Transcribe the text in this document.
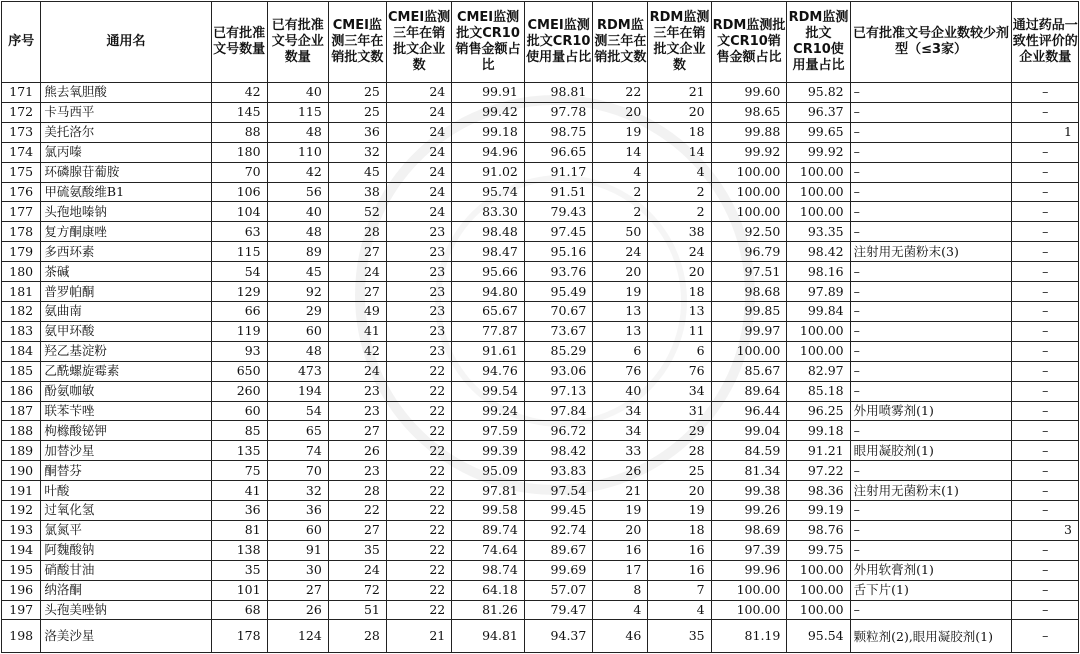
序号	通用名	已有批准文号数量	已有批准文号企业数量	CMEI监测三年在销批文数	CMEI监测三年在销批文企业数	CMEI监测批文CR10销售金额占比	CMEI监测批文CR10使用量占比	RDM监测三年在销批文数	RDM监测三年在销批文企业数	RDM监测批文CR10销售金额占比	RDM监测批文CR10使用量占比	已有批准文号企业数较少剂型（≤3家）	通过药品一致性评价的企业数量
171	熊去氧胆酸	42	40	25	24	99.91	98.81	22	21	99.60	95.82	–	–
172	卡马西平	145	115	25	24	99.42	97.78	20	20	98.65	96.37	–	–
173	美托洛尔	88	48	36	24	99.18	98.75	19	18	99.88	99.65	–	1
174	氯丙嗪	180	110	32	24	94.96	96.65	14	14	99.92	99.92	–	–
175	环磷腺苷葡胺	70	42	45	24	91.02	91.17	4	4	100.00	100.00	–	–
176	甲硫氨酸维B1	106	56	38	24	95.74	91.51	2	2	100.00	100.00	–	–
177	头孢地嗪钠	104	40	52	24	83.30	79.43	2	2	100.00	100.00	–	–
178	复方酮康唑	63	48	28	23	98.48	97.45	50	38	92.50	93.35	–	–
179	多西环素	115	89	27	23	98.47	95.16	24	24	96.79	98.42	注射用无菌粉末(3)	–
180	茶碱	54	45	24	23	95.66	93.76	20	20	97.51	98.16	–	–
181	普罗帕酮	129	92	27	23	94.80	95.49	19	18	98.68	97.89	–	–
182	氨曲南	66	29	49	23	65.67	70.67	13	13	99.85	99.84	–	–
183	氨甲环酸	119	60	41	23	77.87	73.67	13	11	99.97	100.00	–	–
184	羟乙基淀粉	93	48	42	23	91.61	85.29	6	6	100.00	100.00	–	–
185	乙酰螺旋霉素	650	473	24	22	94.76	93.06	76	76	85.67	82.97	–	–
186	酚氨咖敏	260	194	23	22	99.54	97.13	40	34	89.64	85.18	–	–
187	联苯苄唑	60	54	23	22	99.24	97.84	34	31	96.44	96.25	外用喷雾剂(1)	–
188	枸橼酸铋钾	85	65	27	22	97.59	96.72	34	29	99.04	99.18	–	–
189	加替沙星	135	74	26	22	99.39	98.42	33	28	84.59	91.21	眼用凝胶剂(1)	–
190	酮替芬	75	70	23	22	95.09	93.83	26	25	81.34	97.22	–	–
191	叶酸	41	32	28	22	97.81	97.54	21	20	99.38	98.36	注射用无菌粉末(1)	–
192	过氧化氢	36	36	22	22	99.58	99.45	19	19	99.26	99.19	–	–
193	氯氮平	81	60	27	22	89.74	92.74	20	18	98.69	98.76	–	3
194	阿魏酸钠	138	91	35	22	74.64	89.67	16	16	97.39	99.75	–	–
195	硝酸甘油	35	30	24	22	98.74	99.69	17	16	99.96	100.00	外用软膏剂(1)	–
196	纳洛酮	101	27	72	22	64.18	57.07	8	7	100.00	100.00	舌下片(1)	–
197	头孢美唑钠	68	26	51	22	81.26	79.47	4	4	100.00	100.00	–	–
198	洛美沙星	178	124	28	21	94.81	94.37	46	35	81.19	95.54	颗粒剂(2),眼用凝胶剂(1)	–
